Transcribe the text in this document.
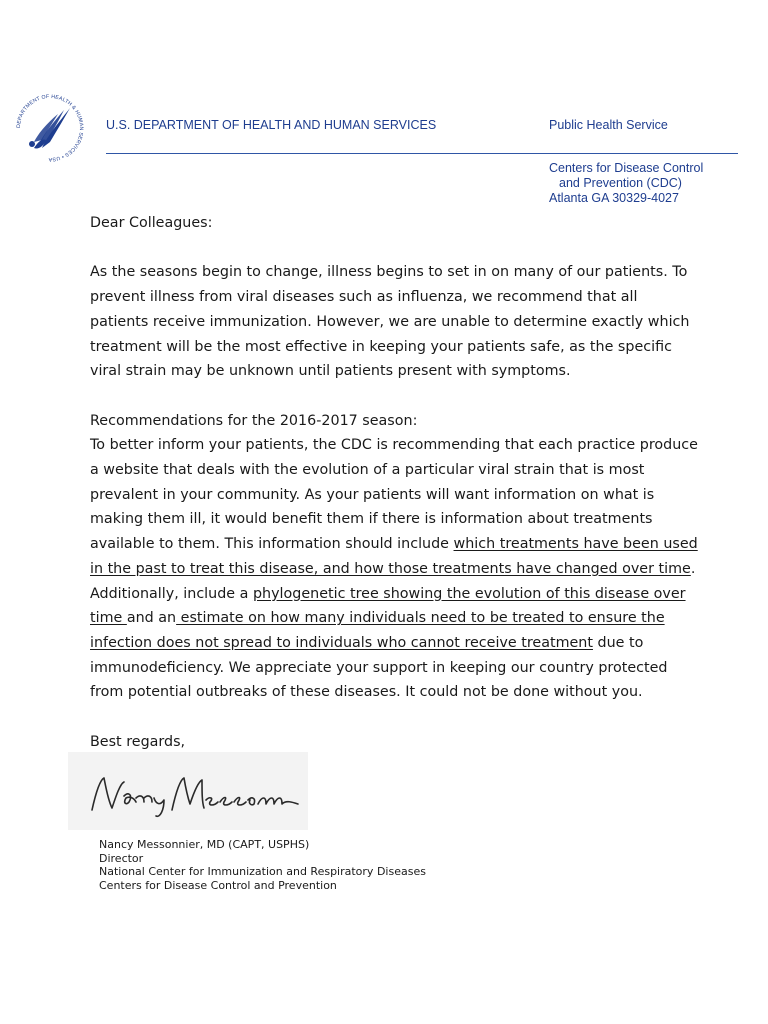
DEPARTMENT OF HEALTH & HUMAN SERVICES • USA
U.S. DEPARTMENT OF HEALTH AND HUMAN SERVICES	Public Health Service
Centers for Disease Control
and Prevention (CDC)
Atlanta GA 30329-4027

Dear Colleagues:

As the seasons begin to change, illness begins to set in on many of our patients. To

prevent illness from viral diseases such as influenza, we recommend that all

patients receive immunization. However, we are unable to determine exactly which

treatment will be the most effective in keeping your patients safe, as the specific

viral strain may be unknown until patients present with symptoms.

Recommendations for the 2016-2017 season:

To better inform your patients, the CDC is recommending that each practice produce

a website that deals with the evolution of a particular viral strain that is most

prevalent in your community. As your patients will want information on what is

making them ill, it would benefit them if there is information about treatments

available to them. This information should include which treatments have been used

in the past to treat this disease, and how those treatments have changed over time.

Additionally, include a phylogenetic tree showing the evolution of this disease over

time and an estimate on how many individuals need to be treated to ensure the

infection does not spread to individuals who cannot receive treatment due to

immunodeficiency. We appreciate your support in keeping our country protected

from potential outbreaks of these diseases. It could not be done without you.

Best regards,

Nancy Messonnier, MD (CAPT, USPHS)
Director
National Center for Immunization and Respiratory Diseases
Centers for Disease Control and Prevention
